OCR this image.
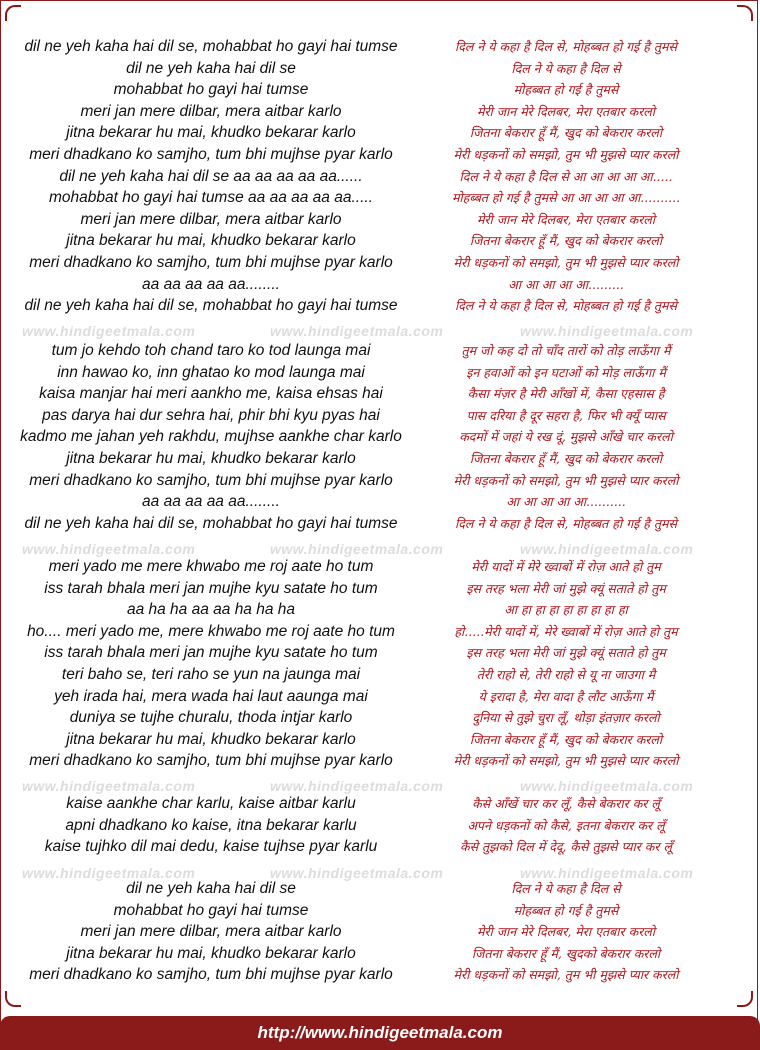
dil ne yeh kaha hai dil se, mohabbat ho gayi hai tumse	दिल ने ये कहा है दिल से, मोहब्बत हो गई है तुमसे
dil ne yeh kaha hai dil se	दिल ने ये कहा है दिल से
mohabbat ho gayi hai tumse	मोहब्बत हो गई है तुमसे
meri jan mere dilbar, mera aitbar karlo	मेरी जान मेरे दिलबर, मेरा एतबार करलो
jitna bekarar hu mai, khudko bekarar karlo	जितना बेकरार हूँ मैं, खुद को बेकरार करलो
meri dhadkano ko samjho, tum bhi mujhse pyar karlo	मेरी धड़कनों को समझो, तुम भी मुझसे प्यार करलो
dil ne yeh kaha hai dil se aa aa aa aa aa......	दिल ने ये कहा है दिल से आ आ आ आ आ.....
mohabbat ho gayi hai tumse aa aa aa aa aa.....	मोहब्बत हो गई है तुमसे आ आ आ आ आ..........
meri jan mere dilbar, mera aitbar karlo	मेरी जान मेरे दिलबर, मेरा एतबार करलो
jitna bekarar hu mai, khudko bekarar karlo	जितना बेकरार हूँ मैं, खुद को बेकरार करलो
meri dhadkano ko samjho, tum bhi mujhse pyar karlo	मेरी धड़कनों को समझो, तुम भी मुझसे प्यार करलो
aa aa aa aa aa........	आ आ आ आ आ.........
dil ne yeh kaha hai dil se, mohabbat ho gayi hai tumse	दिल ने ये कहा है दिल से, मोहब्बत हो गई है तुमसे
tum jo kehdo toh chand taro ko tod launga mai	तुम जो कह दो तो चाँद तारों को तोड़ लाऊँगा मैं
inn hawao ko, inn ghatao ko mod launga mai	इन हवाओं को इन घटाओं को मोड़ लाऊँगा मैं
kaisa manjar hai meri aankho me, kaisa ehsas hai	कैसा मंज़र है मेरी आँखों में, कैसा एहसास है
pas darya hai dur sehra hai, phir bhi kyu pyas hai	पास दरिया है दूर सहरा है, फिर भी क्यूँ प्यास
kadmo me jahan yeh rakhdu, mujhse aankhe char karlo	कदमों में जहां ये रख दूं, मुझसे आँखे चार करलो
jitna bekarar hu mai, khudko bekarar karlo	जितना बेकरार हूँ मैं, खुद को बेकरार करलो
meri dhadkano ko samjho, tum bhi mujhse pyar karlo	मेरी धड़कनों को समझो, तुम भी मुझसे प्यार करलो
aa aa aa aa aa........	आ आ आ आ आ..........
dil ne yeh kaha hai dil se, mohabbat ho gayi hai tumse	दिल ने ये कहा है दिल से, मोहब्बत हो गई है तुमसे
meri yado me mere khwabo me roj aate ho tum	मेरी यादों में मेरे ख्वाबों में रोज़ आते हो तुम
iss tarah bhala meri jan mujhe kyu satate ho tum	इस तरह भला मेरी जां मुझे क्यूं सताते हो तुम
aa ha ha aa aa ha ha ha	आ हा हा हा हा हा हा हा हा
ho.... meri yado me, mere khwabo me roj aate ho tum	हो.....मेरी यादों में, मेरे ख्वाबों में रोज़ आते हो तुम
iss tarah bhala meri jan mujhe kyu satate ho tum	इस तरह भला मेरी जां मुझे क्यूं सताते हो तुम
teri baho se, teri raho se yun na jaunga mai	तेरी राहो से, तेरी राहो से यू ना जाउगा मै
yeh irada hai, mera wada hai laut aaunga mai	ये इरादा है, मेरा वादा है लौट आऊँगा मैं
duniya se tujhe churalu, thoda intjar karlo	दुनिया से तुझे चुरा लूँ, थोड़ा इंतज़ार करलो
jitna bekarar hu mai, khudko bekarar karlo	जितना बेकरार हूँ मैं, खुद को बेकरार करलो
meri dhadkano ko samjho, tum bhi mujhse pyar karlo	मेरी धड़कनों को समझो, तुम भी मुझसे प्यार करलो
kaise aankhe char karlu, kaise aitbar karlu	कैसे आँखें चार कर लूँ, कैसे बेकरार कर लूँ
apni dhadkano ko kaise, itna bekarar karlu	अपने धड़कनों को कैसे, इतना बेकरार कर लूँ
kaise tujhko dil mai dedu, kaise tujhse pyar karlu	कैसे तुझको दिल में देदू, कैसे तुझसे प्यार कर लूँ
dil ne yeh kaha hai dil se	दिल ने ये कहा है दिल से
mohabbat ho gayi hai tumse	मोहब्बत हो गई है तुमसे
meri jan mere dilbar, mera aitbar karlo	मेरी जान मेरे दिलबर, मेरा एतबार करलो
jitna bekarar hu mai, khudko bekarar karlo	जितना बेकरार हूँ मैं, खुदको बेकरार करलो
meri dhadkano ko samjho, tum bhi mujhse pyar karlo	मेरी धड़कनों को समझो, तुम भी मुझसे प्यार करलो
www.hindigeetmala.com	www.hindigeetmala.com	www.hindigeetmala.com
www.hindigeetmala.com	www.hindigeetmala.com	www.hindigeetmala.com
www.hindigeetmala.com	www.hindigeetmala.com	www.hindigeetmala.com
www.hindigeetmala.com	www.hindigeetmala.com	www.hindigeetmala.com
http://www.hindigeetmala.com
